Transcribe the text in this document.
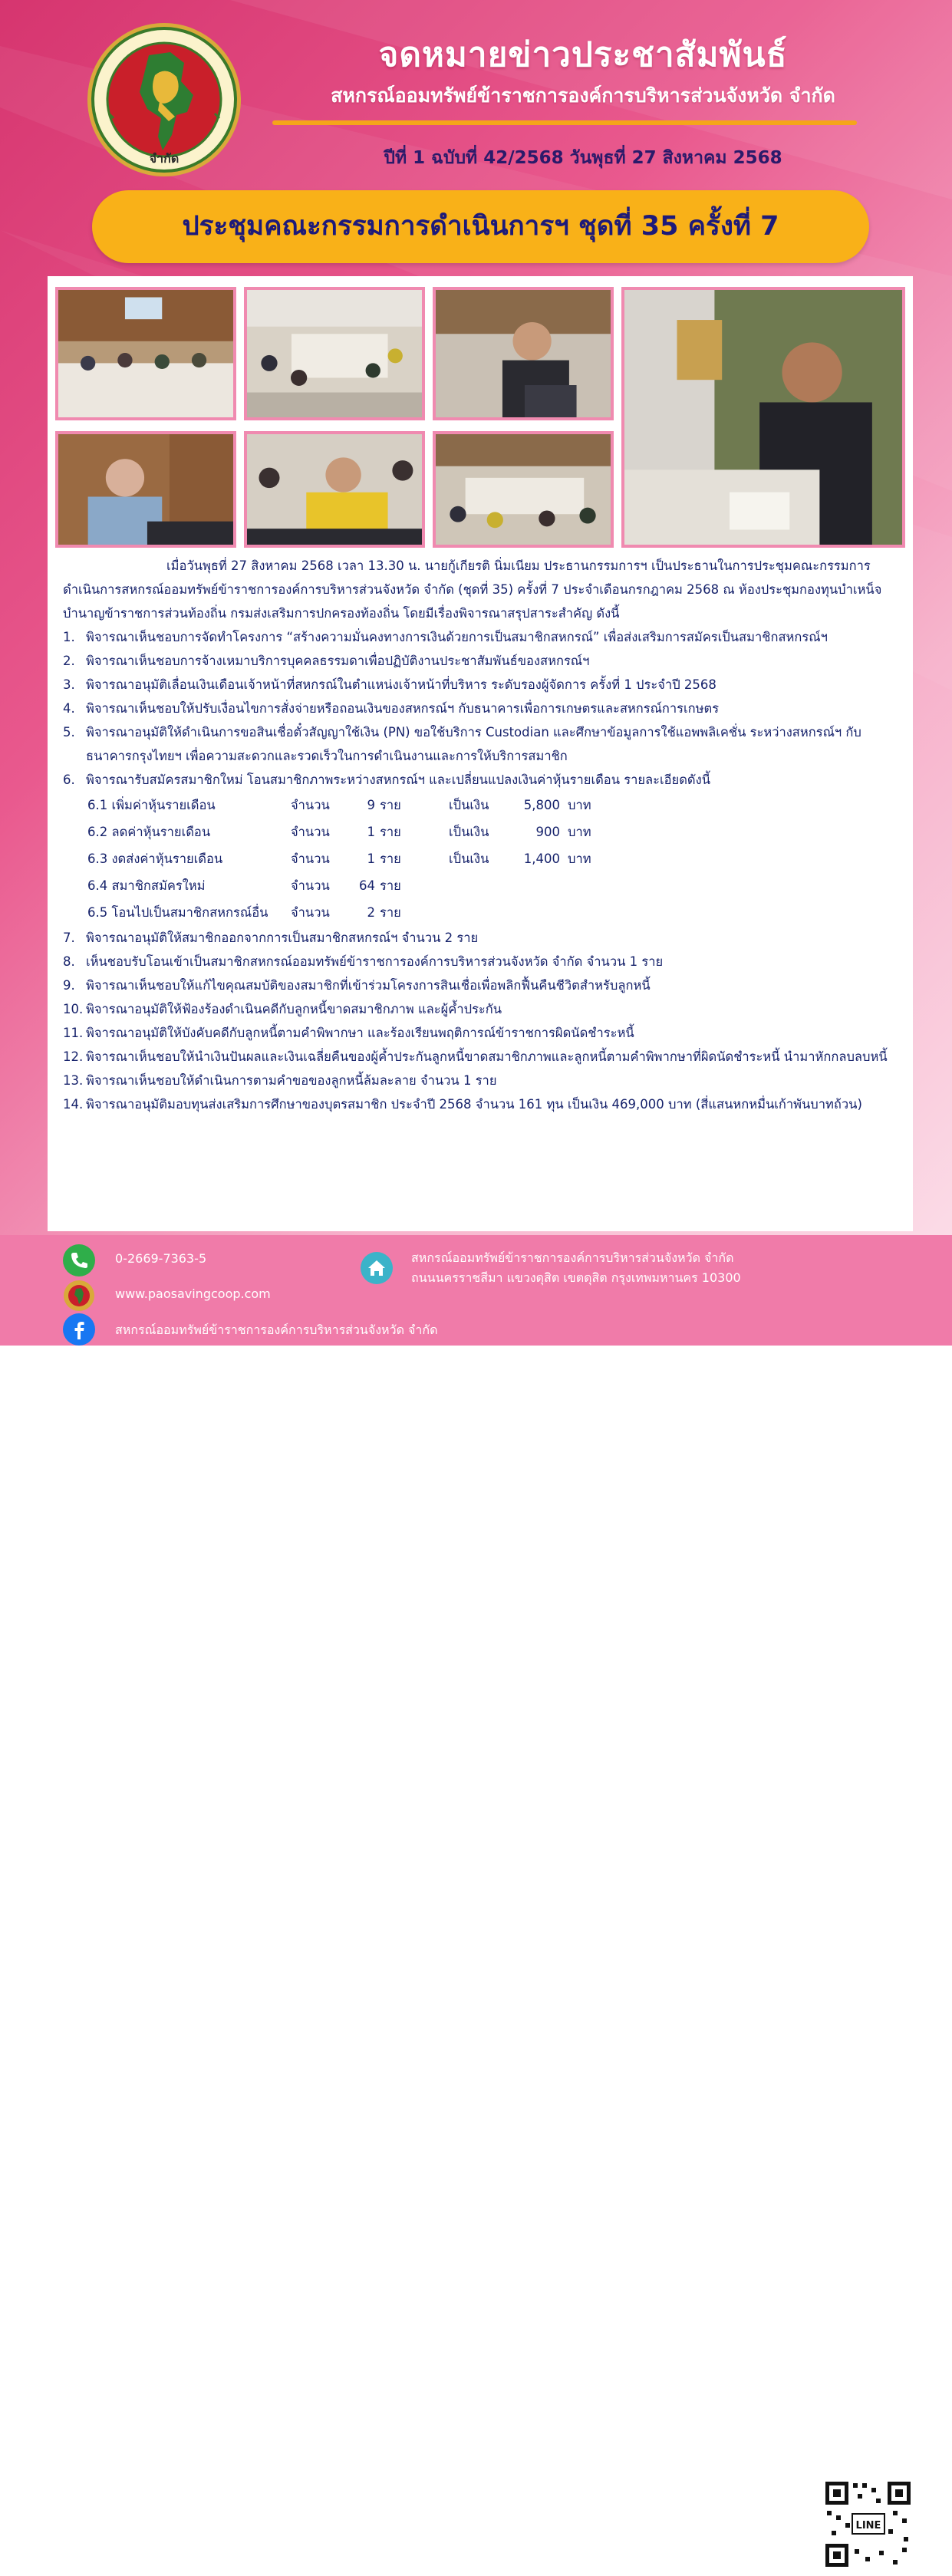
จำกัด
จดหมายข่าวประชาสัมพันธ์
สหกรณ์ออมทรัพย์ข้าราชการองค์การบริหารส่วนจังหวัด จำกัด
ปีที่ 1 ฉบับที่ 42/2568 วันพุธที่ 27 สิงหาคม 2568
ประชุมคณะกรรมการดำเนินการฯ ชุดที่ 35 ครั้งที่ 7

เมื่อวันพุธที่ 27 สิงหาคม 2568 เวลา 13.30 น. นายกู้เกียรติ นิ่มเนียม ประธานกรรมการฯ เป็นประธานในการประชุมคณะกรรมการดำเนินการสหกรณ์ออมทรัพย์ข้าราชการองค์การบริหารส่วนจังหวัด จำกัด (ชุดที่ 35) ครั้งที่ 7 ประจำเดือนกรกฎาคม 2568 ณ ห้องประชุมกองทุนบำเหน็จบำนาญข้าราชการส่วนท้องถิ่น กรมส่งเสริมการปกครองท้องถิ่น โดยมีเรื่องพิจารณาสรุปสาระสำคัญ ดังนี้

1. พิจารณาเห็นชอบการจัดทำโครงการ “สร้างความมั่นคงทางการเงินด้วยการเป็นสมาชิกสหกรณ์” เพื่อส่งเสริมการสมัครเป็นสมาชิกสหกรณ์ฯ
2. พิจารณาเห็นชอบการจ้างเหมาบริการบุคคลธรรมดาเพื่อปฏิบัติงานประชาสัมพันธ์ของสหกรณ์ฯ
3. พิจารณาอนุมัติเลื่อนเงินเดือนเจ้าหน้าที่สหกรณ์ในตำแหน่งเจ้าหน้าที่บริหาร ระดับรองผู้จัดการ ครั้งที่ 1 ประจำปี 2568
4. พิจารณาเห็นชอบให้ปรับเงื่อนไขการสั่งจ่ายหรือถอนเงินของสหกรณ์ฯ กับธนาคารเพื่อการเกษตรและสหกรณ์การเกษตร
5. พิจารณาอนุมัติให้ดำเนินการขอสินเชื่อตั๋วสัญญาใช้เงิน (PN) ขอใช้บริการ Custodian และศึกษาข้อมูลการใช้แอพพลิเคชั่น ระหว่างสหกรณ์ฯ กับธนาคารกรุงไทยฯ เพื่อความสะดวกและรวดเร็วในการดำเนินงานและการให้บริการสมาชิก
6. พิจารณารับสมัครสมาชิกใหม่ โอนสมาชิกภาพระหว่างสหกรณ์ฯ และเปลี่ยนแปลงเงินค่าหุ้นรายเดือน รายละเอียดดังนี้
6.1 เพิ่มค่าหุ้นรายเดือน	จำนวน	9	ราย	เป็นเงิน	5,800	บาท
6.2 ลดค่าหุ้นรายเดือน	จำนวน	1	ราย	เป็นเงิน	900	บาท
6.3 งดส่งค่าหุ้นรายเดือน	จำนวน	1	ราย	เป็นเงิน	1,400	บาท
6.4 สมาชิกสมัครใหม่	จำนวน	64	ราย			
6.5 โอนไปเป็นสมาชิกสหกรณ์อื่น	จำนวน	2	ราย			
7. พิจารณาอนุมัติให้สมาชิกออกจากการเป็นสมาชิกสหกรณ์ฯ จำนวน 2 ราย
8. เห็นชอบรับโอนเข้าเป็นสมาชิกสหกรณ์ออมทรัพย์ข้าราชการองค์การบริหารส่วนจังหวัด จำกัด จำนวน 1 ราย
9. พิจารณาเห็นชอบให้แก้ไขคุณสมบัติของสมาชิกที่เข้าร่วมโครงการสินเชื่อเพื่อพลิกฟื้นคืนชีวิตสำหรับลูกหนี้
10. พิจารณาอนุมัติให้ฟ้องร้องดำเนินคดีกับลูกหนี้ขาดสมาชิกภาพ และผู้ค้ำประกัน
11. พิจารณาอนุมัติให้บังคับคดีกับลูกหนี้ตามคำพิพากษา และร้องเรียนพฤติการณ์ข้าราชการผิดนัดชำระหนี้
12. พิจารณาเห็นชอบให้นำเงินปันผลและเงินเฉลี่ยคืนของผู้ค้ำประกันลูกหนี้ขาดสมาชิกภาพและลูกหนี้ตามคำพิพากษาที่ผิดนัดชำระหนี้ นำมาหักกลบลบหนี้
13. พิจารณาเห็นชอบให้ดำเนินการตามคำขอของลูกหนี้ล้มละลาย จำนวน 1 ราย
14. พิจารณาอนุมัติมอบทุนส่งเสริมการศึกษาของบุตรสมาชิก ประจำปี 2568 จำนวน 161 ทุน เป็นเงิน 469,000 บาท (สี่แสนหกหมื่นเก้าพันบาทถ้วน)
0-2669-7363-5
www.paosavingcoop.com
สหกรณ์ออมทรัพย์ข้าราชการองค์การบริหารส่วนจังหวัด จำกัด
สหกรณ์ออมทรัพย์ข้าราชการองค์การบริหารส่วนจังหวัด จำกัด
ถนนนครราชสีมา แขวงดุสิต เขตดุสิต กรุงเทพมหานคร 10300
LINE
